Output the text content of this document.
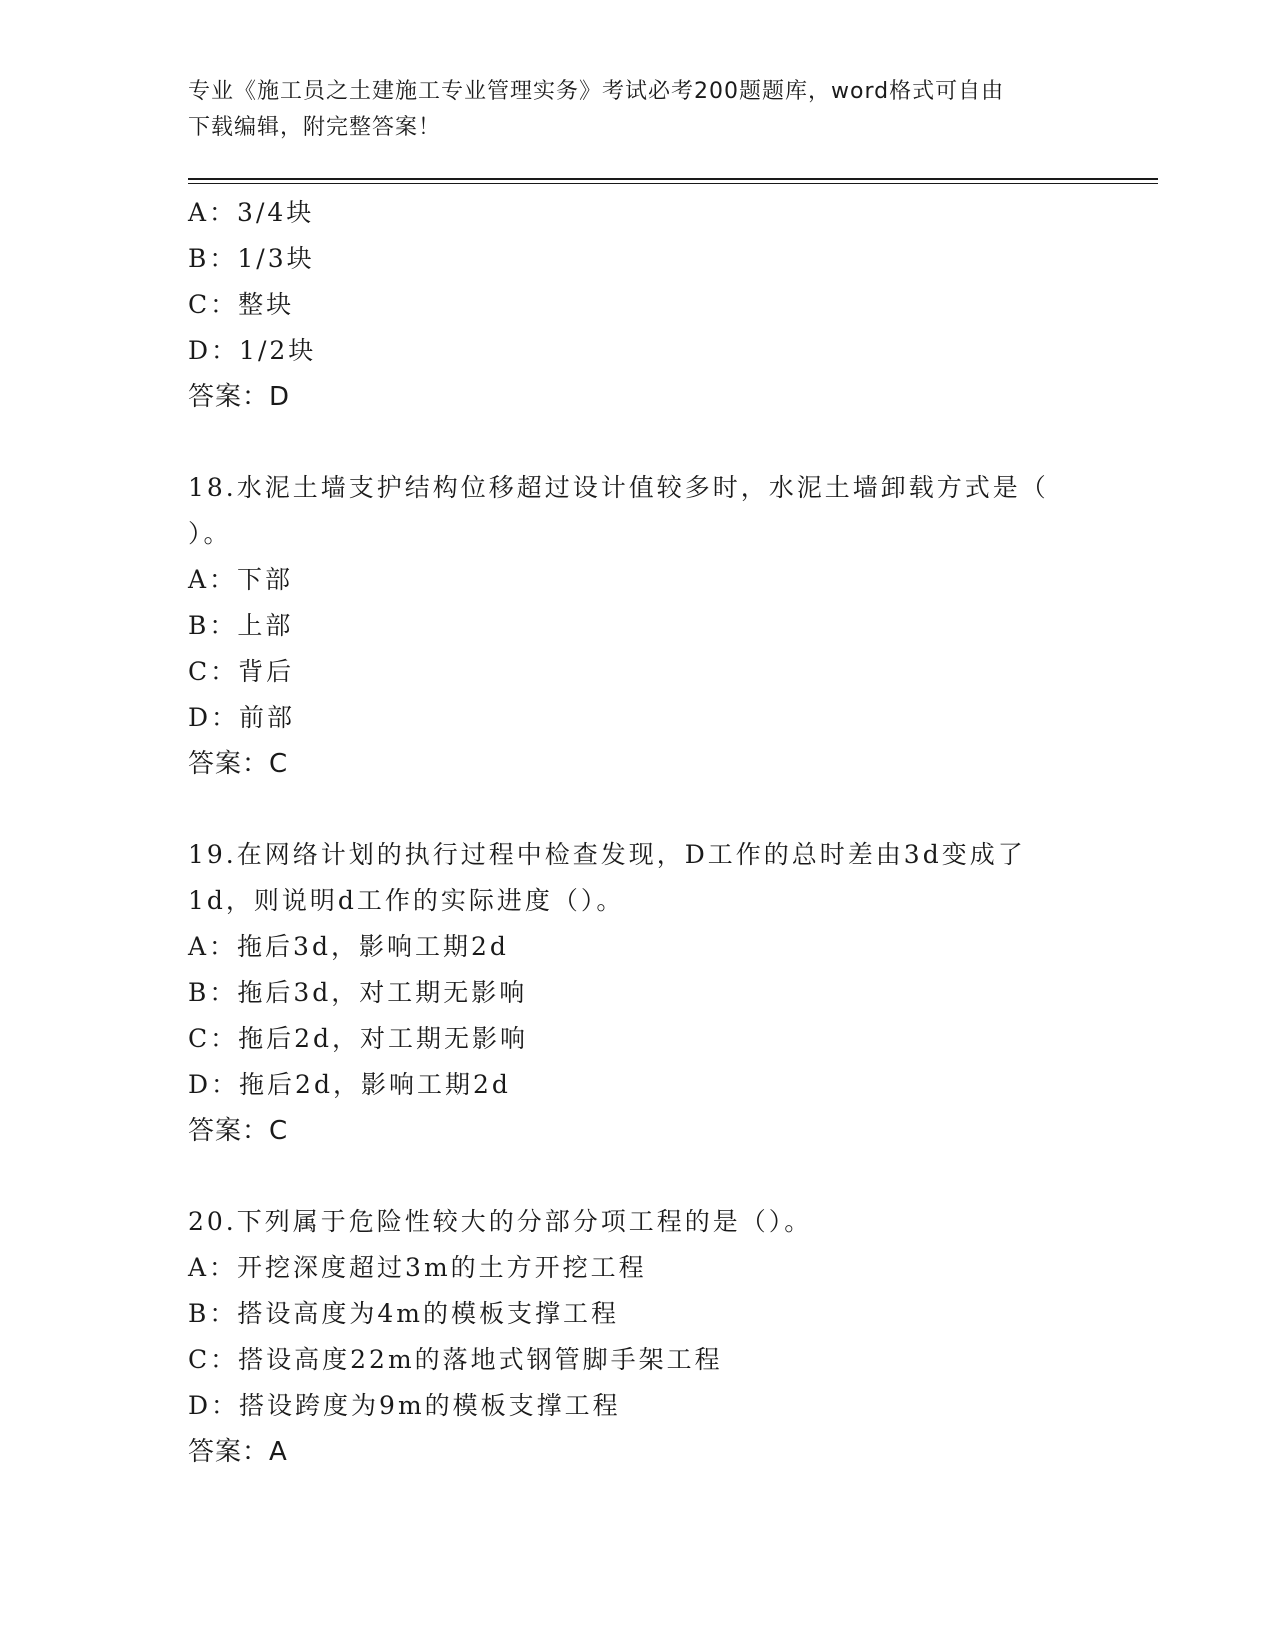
专业《施工员之土建施工专业管理实务》考试必考200题题库，word格式可自由
下载编辑，附完整答案！
A：3/4块
B：1/3块
C：整块
D：1/2块
答案：D
18.水泥土墙支护结构位移超过设计值较多时，水泥土墙卸载方式是（
）。
A：下部
B：上部
C：背后
D：前部
答案：C
19.在网络计划的执行过程中检查发现，D工作的总时差由3d变成了
1d，则说明d工作的实际进度（）。
A：拖后3d，影响工期2d
B：拖后3d，对工期无影响
C：拖后2d，对工期无影响
D：拖后2d，影响工期2d
答案：C
20.下列属于危险性较大的分部分项工程的是（）。
A：开挖深度超过3m的土方开挖工程
B：搭设高度为4m的模板支撑工程
C：搭设高度22m的落地式钢管脚手架工程
D：搭设跨度为9m的模板支撑工程
答案：A
